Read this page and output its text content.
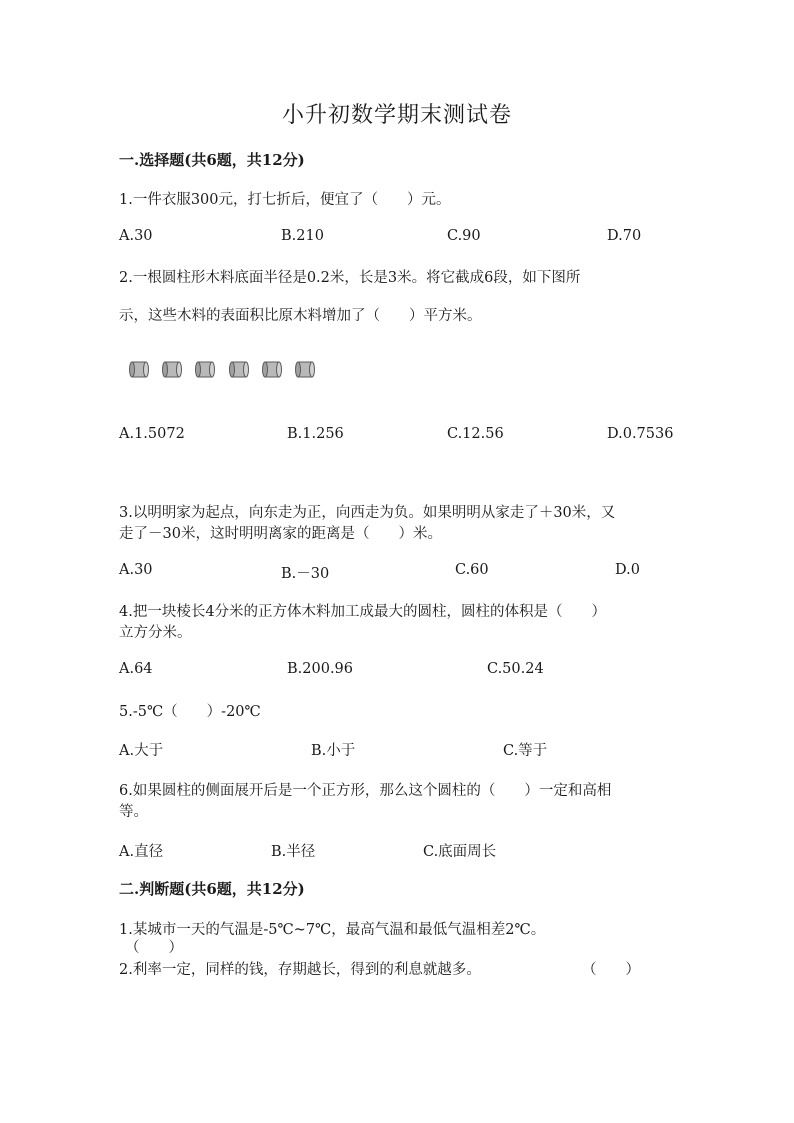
小升初数学期末测试卷
一.选择题(共6题，共12分)
1.一件衣服300元，打七折后，便宜了（　　）元。
A.30	B.210	C.90	D.70
2.一根圆柱形木料底面半径是0.2米，长是3米。将它截成6段，如下图所
示，这些木料的表面积比原木料增加了（　　）平方米。
A.1.5072	B.1.256	C.12.56	D.0.7536
3.以明明家为起点，向东走为正，向西走为负。如果明明从家走了＋30米，又
走了－30米，这时明明离家的距离是（　　）米。
A.30	B.－30	C.60	D.0
4.把一块棱长4分米的正方体木料加工成最大的圆柱，圆柱的体积是（　　）
立方分米。
A.64	B.200.96	C.50.24
5.-5℃（　　）-20℃
A.大于	B.小于	C.等于
6.如果圆柱的侧面展开后是一个正方形，那么这个圆柱的（　　）一定和高相
等。
A.直径	B.半径	C.底面周长
二.判断题(共6题，共12分)
1.某城市一天的气温是-5℃~7℃，最高气温和最低气温相差2℃。
（　　）
2.利率一定，同样的钱，存期越长，得到的利息就越多。	（　　）
